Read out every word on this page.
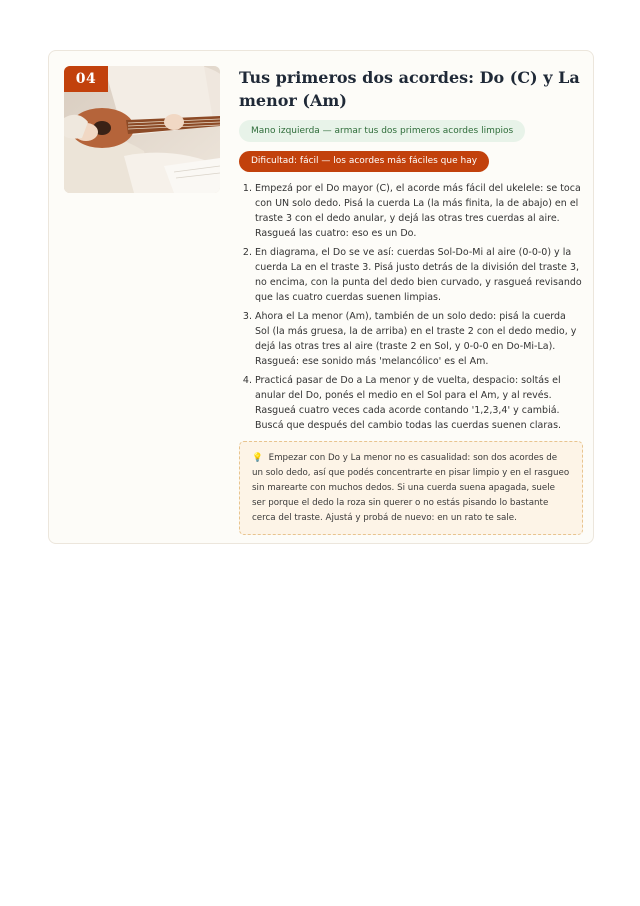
04	Tus primeros dos acordes: Do (C) y La menor (Am)
Mano izquierda — armar tus dos primeros acordes limpios
Dificultad: fácil — los acordes más fáciles que hay
1. Empezá por el Do mayor (C), el acorde más fácil del ukelele: se toca con UN solo dedo. Pisá la cuerda La (la más finita, la de abajo) en el traste 3 con el dedo anular, y dejá las otras tres cuerdas al aire. Rasgueá las cuatro: eso es un Do.
2. En diagrama, el Do se ve así: cuerdas Sol-Do-Mi al aire (0-0-0) y la cuerda La en el traste 3. Pisá justo detrás de la división del traste 3, no encima, con la punta del dedo bien curvado, y rasgueá revisando que las cuatro cuerdas suenen limpias.
3. Ahora el La menor (Am), también de un solo dedo: pisá la cuerda Sol (la más gruesa, la de arriba) en el traste 2 con el dedo medio, y dejá las otras tres al aire (traste 2 en Sol, y 0-0-0 en Do-Mi-La). Rasgueá: ese sonido más 'melancólico' es el Am.
4. Practicá pasar de Do a La menor y de vuelta, despacio: soltás el anular del Do, ponés el medio en el Sol para el Am, y al revés. Rasgueá cuatro veces cada acorde contando '1,2,3,4' y cambiá. Buscá que después del cambio todas las cuerdas suenen claras.
💡 Empezar con Do y La menor no es casualidad: son dos acordes de un solo dedo, así que podés concentrarte en pisar limpio y en el rasgueo sin marearte con muchos dedos. Si una cuerda suena apagada, suele ser porque el dedo la roza sin querer o no estás pisando lo bastante cerca del traste. Ajustá y probá de nuevo: en un rato te sale.
